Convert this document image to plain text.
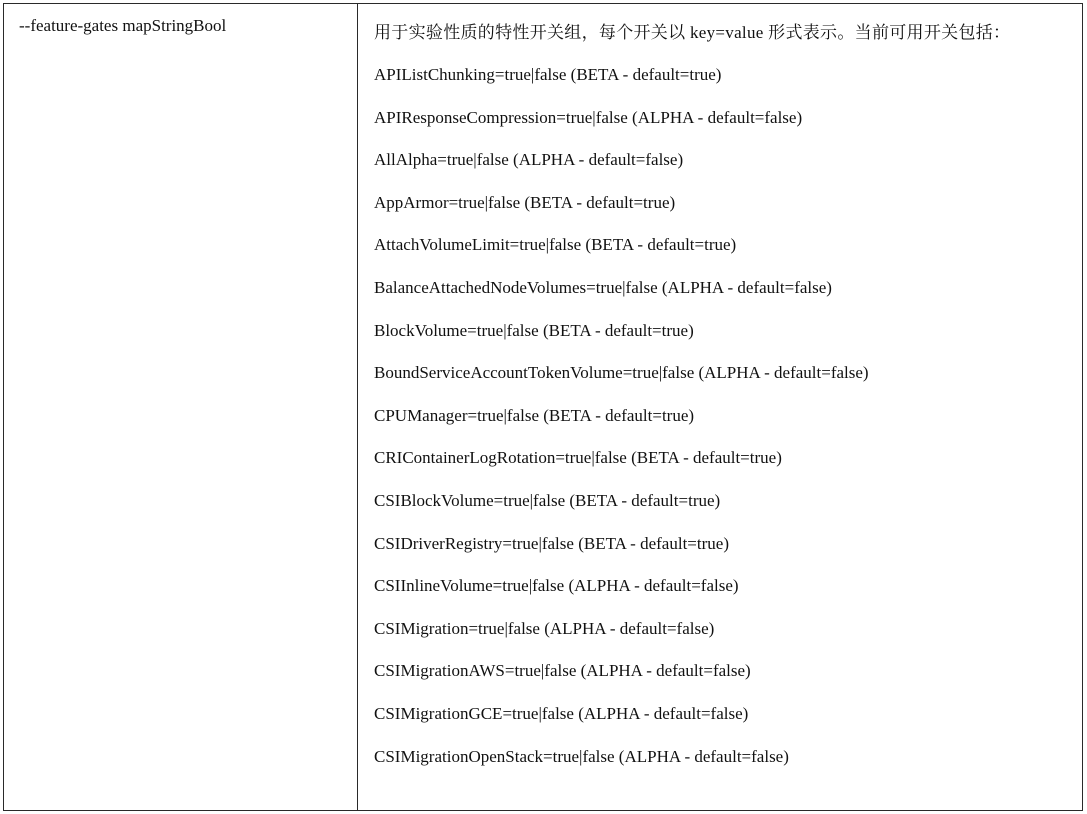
--feature-gates mapStringBool	用于实验性质的特性开关组，每个开关以 key=value 形式表示。当前可用开关包括：

APIListChunking=true|false (BETA - default=true)
APIResponseCompression=true|false (ALPHA - default=false)
AllAlpha=true|false (ALPHA - default=false)
AppArmor=true|false (BETA - default=true)
AttachVolumeLimit=true|false (BETA - default=true)
BalanceAttachedNodeVolumes=true|false (ALPHA - default=false)
BlockVolume=true|false (BETA - default=true)
BoundServiceAccountTokenVolume=true|false (ALPHA - default=false)
CPUManager=true|false (BETA - default=true)
CRIContainerLogRotation=true|false (BETA - default=true)
CSIBlockVolume=true|false (BETA - default=true)
CSIDriverRegistry=true|false (BETA - default=true)
CSIInlineVolume=true|false (ALPHA - default=false)
CSIMigration=true|false (ALPHA - default=false)
CSIMigrationAWS=true|false (ALPHA - default=false)
CSIMigrationGCE=true|false (ALPHA - default=false)
CSIMigrationOpenStack=true|false (ALPHA - default=false)
